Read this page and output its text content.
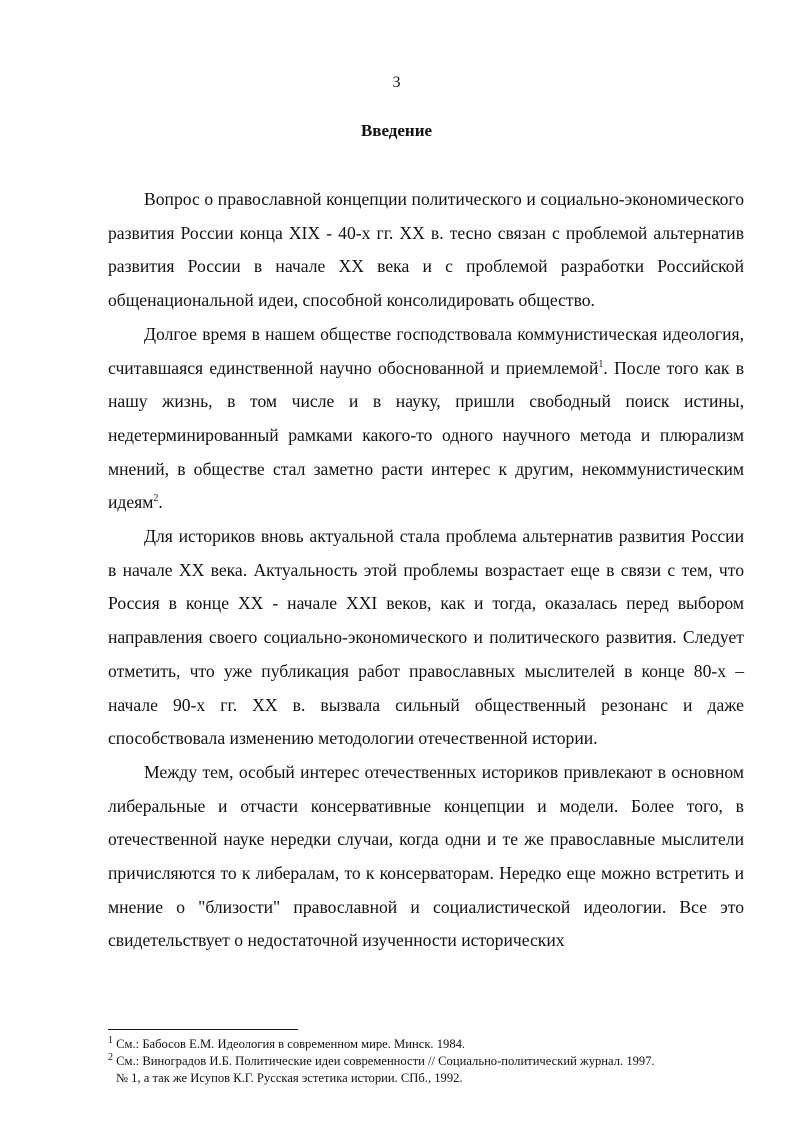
3
Введение

Вопрос о православной концепции политического и социально-экономического развития России конца XIX - 40-х гг. XX в. тесно связан с проблемой альтернатив развития России в начале XX века и с проблемой разработки Российской общенациональной идеи, способной консолидировать общество.

Долгое время в нашем обществе господствовала коммунистическая идеология, считавшаяся единственной научно обоснованной и приемлемой$^1$. После того как в нашу жизнь, в том числе и в науку, пришли свободный поиск истины, недетерминированный рамками какого-то одного научного метода и плюрализм мнений, в обществе стал заметно расти интерес к другим, некоммунистическим идеям$^2$.

Для историков вновь актуальной стала проблема альтернатив развития России в начале XX века. Актуальность этой проблемы возрастает еще в связи с тем, что Россия в конце XX - начале XXI веков, как и тогда, оказалась перед выбором направления своего социально-экономического и политического развития. Следует отметить, что уже публикация работ православных мыслителей в конце 80-х – начале 90-х гг. XX в. вызвала сильный общественный резонанс и даже способствовала изменению методологии отечественной истории.

Между тем, особый интерес отечественных историков привлекают в основном либеральные и отчасти консервативные концепции и модели. Более того, в отечественной науке нередки случаи, когда одни и те же православные мыслители причисляются то к либералам, то к консерваторам. Нередко еще можно встретить и мнение о "близости" православной и социалистической идеологии. Все это свидетельствует о недостаточной изученности исторических

$^1$ См.: Бабосов Е.М. Идеология в современном мире. Минск. 1984.

$^2$ См.: Виноградов И.Б. Политические идеи современности // Социально-политический журнал. 1997.

№ 1, а так же Исупов К.Г. Русская эстетика истории. СПб., 1992.
